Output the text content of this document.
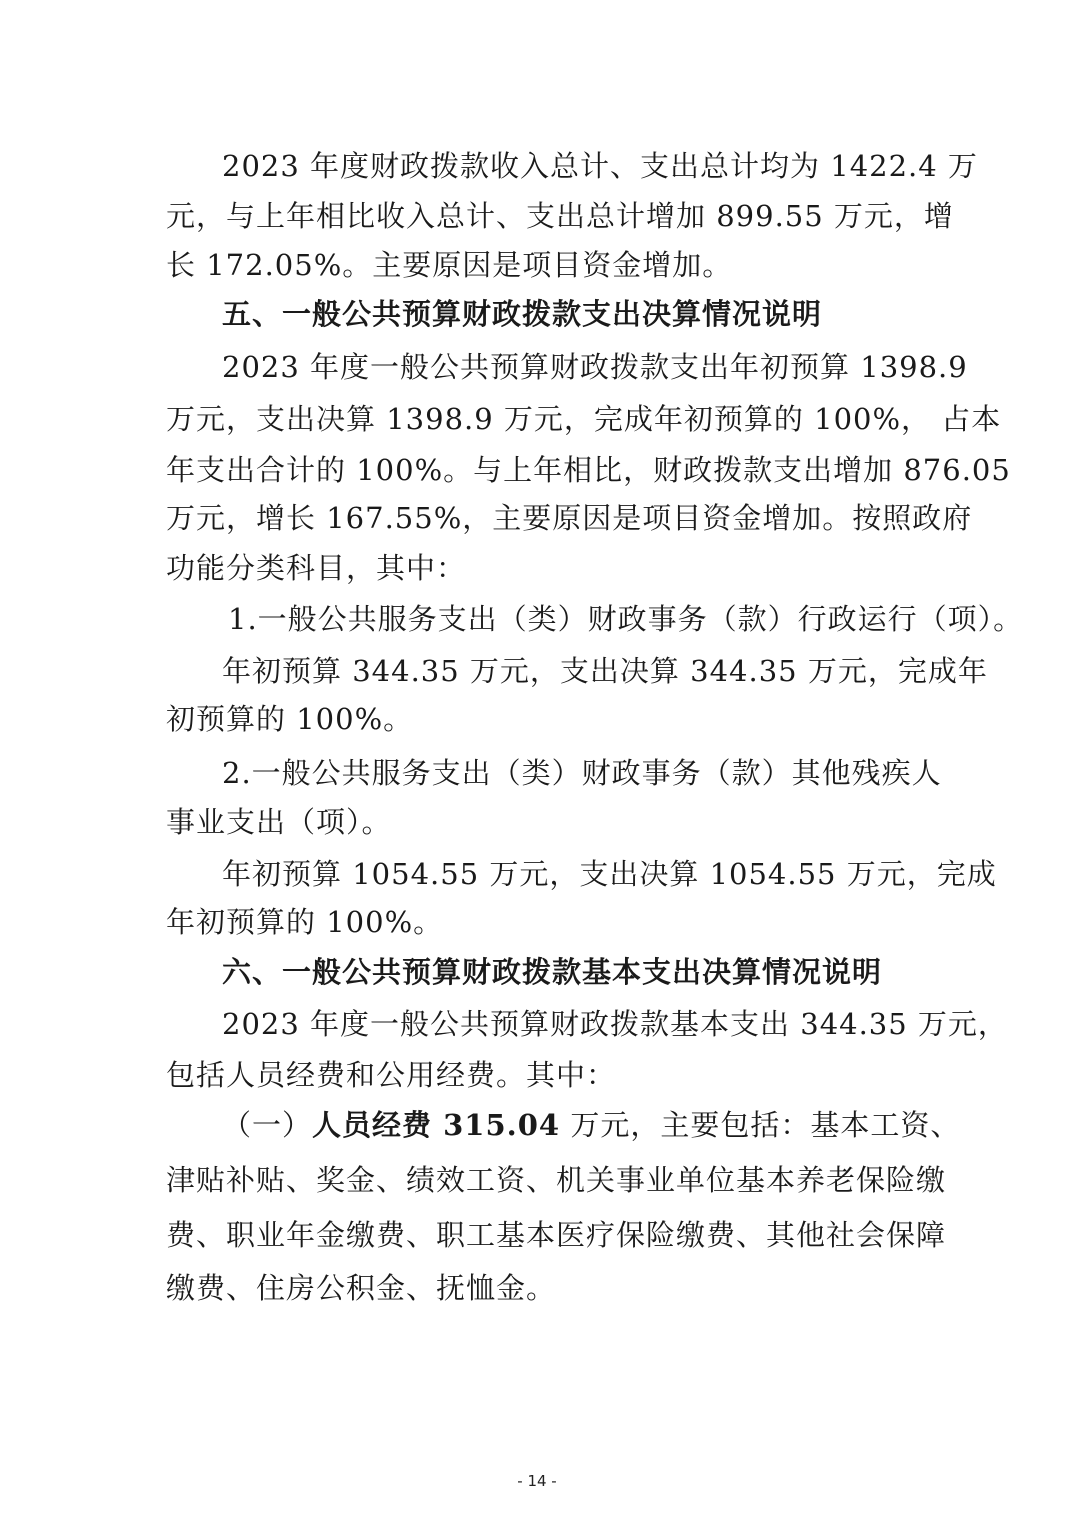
2023 年度财政拨款收入总计、支出总计均为 1422.4 万
元，与上年相比收入总计、支出总计增加 899.55 万元，增
长 172.05%。主要原因是项目资金增加。
五、一般公共预算财政拨款支出决算情况说明
2023 年度一般公共预算财政拨款支出年初预算 1398.9
万元，支出决算 1398.9 万元，完成年初预算的 100%， 占本
年支出合计的 100%。与上年相比，财政拨款支出增加 876.05
万元，增长 167.55%，主要原因是项目资金增加。按照政府
功能分类科目，其中：
1.一般公共服务支出（类）财政事务（款）行政运行（项）。
年初预算 344.35 万元，支出决算 344.35 万元，完成年
初预算的 100%。
2.一般公共服务支出（类）财政事务（款）其他残疾人
事业支出（项）。
年初预算 1054.55 万元，支出决算 1054.55 万元，完成
年初预算的 100%。
六、一般公共预算财政拨款基本支出决算情况说明
2023 年度一般公共预算财政拨款基本支出 344.35 万元，
包括人员经费和公用经费。其中：
（一）人员经费 315.04 万元，主要包括：基本工资、
津贴补贴、奖金、绩效工资、机关事业单位基本养老保险缴
费、职业年金缴费、职工基本医疗保险缴费、其他社会保障
缴费、住房公积金、抚恤金。
- 14 -
